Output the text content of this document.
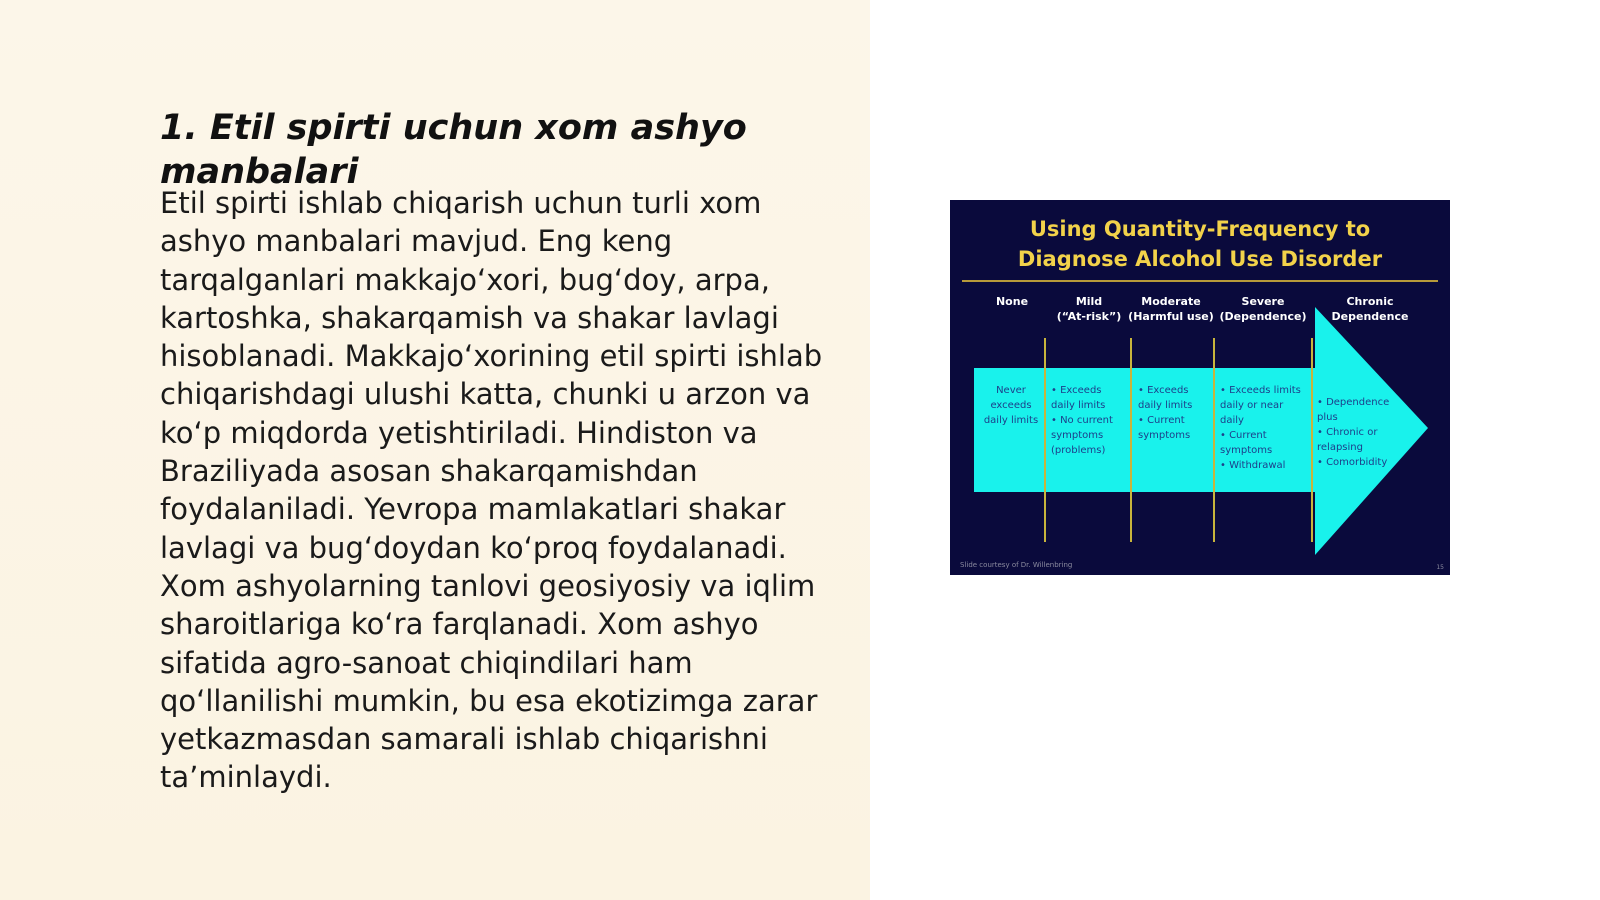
1. Etil spirti uchun xom ashyo manbalari

Etil spirti ishlab chiqarish uchun turli xom ashyo manbalari mavjud. Eng keng tarqalganlari makkajo‘xori, bug‘doy, arpa, kartoshka, shakarqamish va shakar lavlagi hisoblanadi. Makkajo‘xorining etil spirti ishlab chiqarishdagi ulushi katta, chunki u arzon va ko‘p miqdorda yetishtiriladi. Hindiston va Braziliyada asosan shakarqamishdan foydalaniladi. Yevropa mamlakatlari shakar lavlagi va bug‘doydan ko‘proq foydalanadi. Xom ashyolarning tanlovi geosiyosiy va iqlim sharoitlariga ko‘ra farqlanadi. Xom ashyo sifatida agro-sanoat chiqindilari ham qo‘llanilishi mumkin, bu esa ekotizimga zarar yetkazmasdan samarali ishlab chiqarishni ta’minlaydi.

Using Quantity-Frequency to
Diagnose Alcohol Use Disorder
None	Mild
(“At-risk”)
Moderate
(Harmful use)
Severe
(Dependence)
Chronic
Dependence
Never
exceeds
daily limits
• Exceeds
daily limits
• No current
symptoms
(problems)
• Exceeds
daily limits
• Current
symptoms
• Exceeds limits
daily or near
daily
• Current
symptoms
• Withdrawal
• Dependence
plus
• Chronic or
relapsing
• Comorbidity
Slide courtesy of Dr. Willenbring	15
